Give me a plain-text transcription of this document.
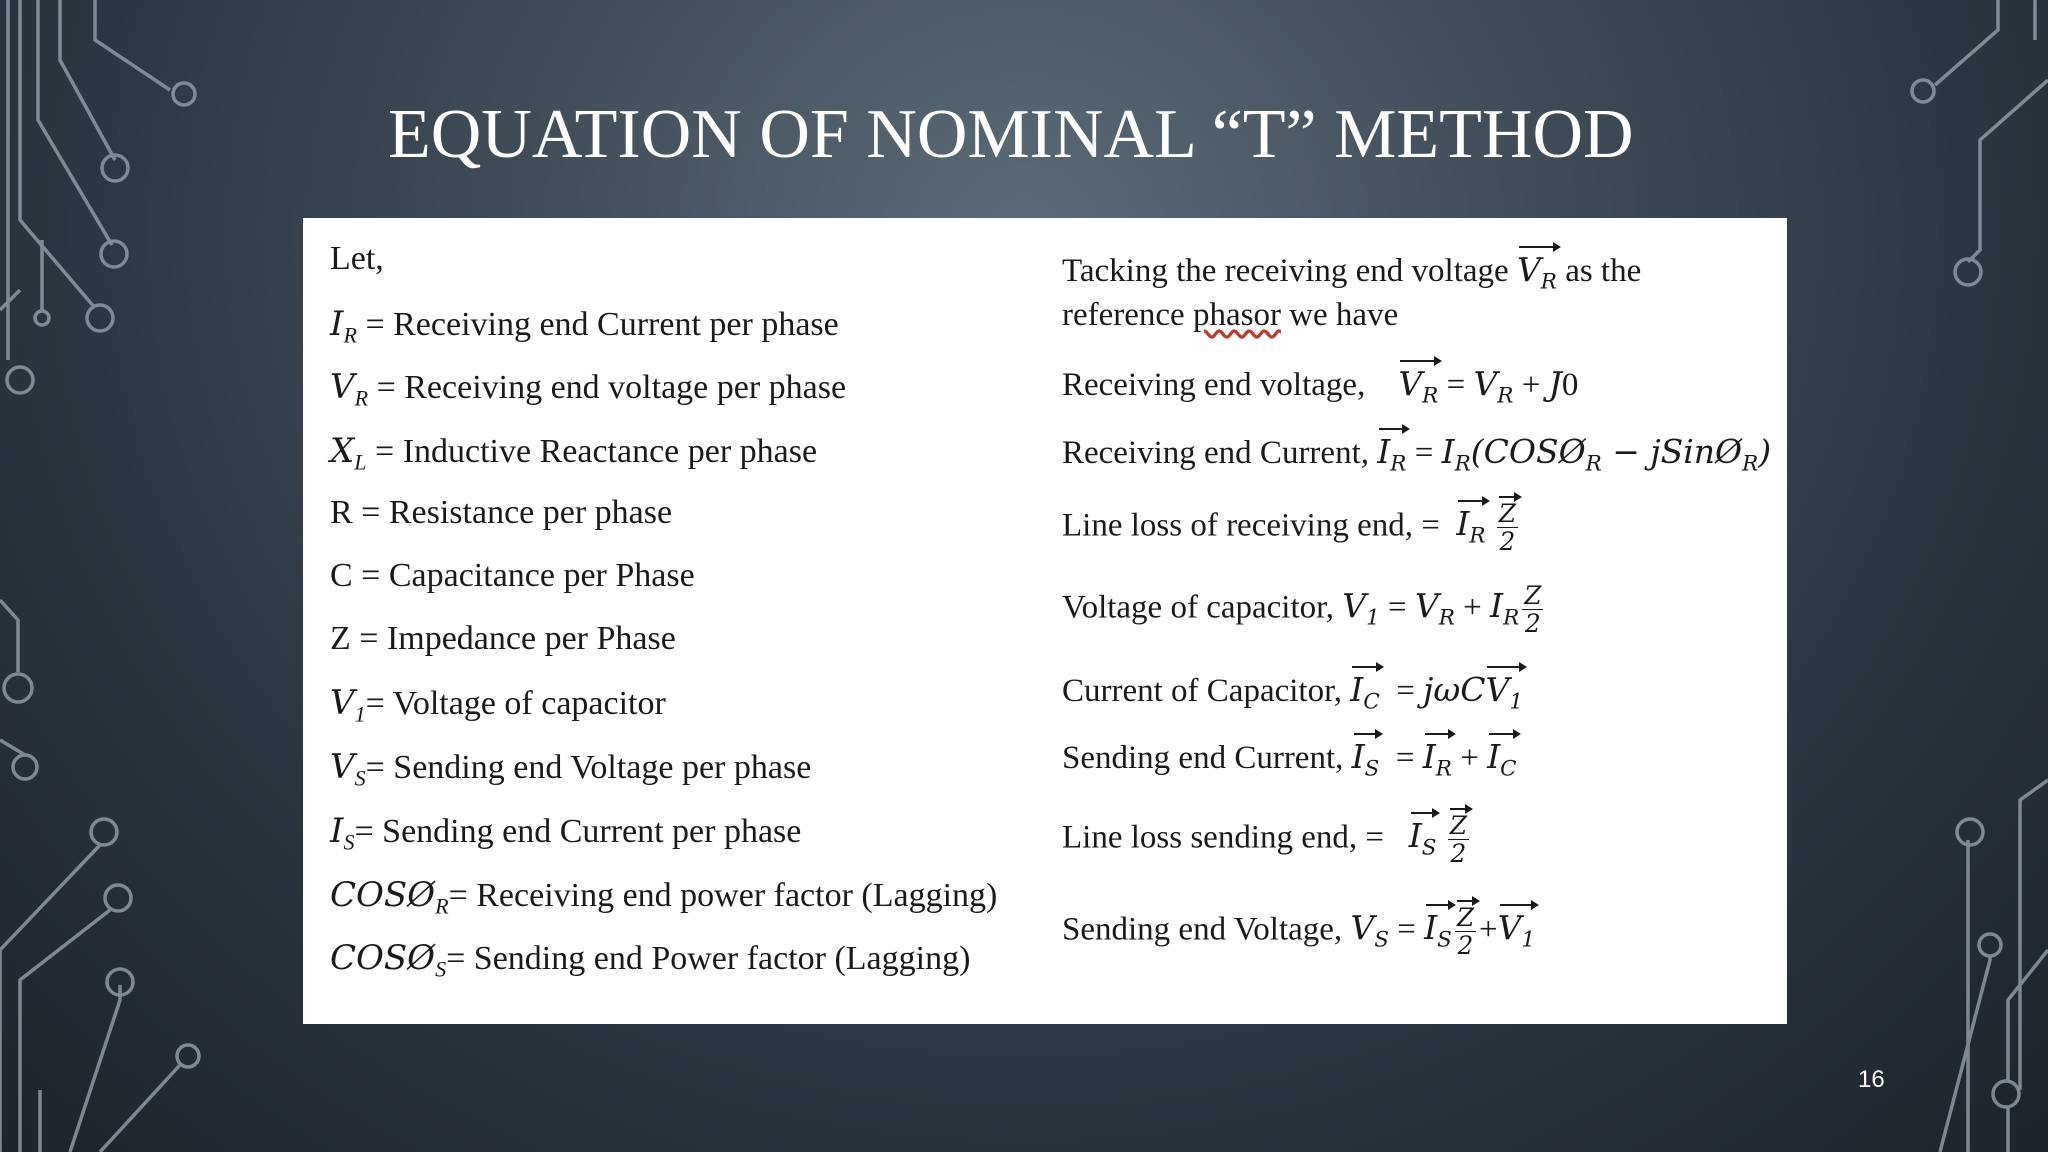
EQUATION OF NOMINAL “T” METHOD
Let,
$I_R$ = Receiving end Current per phase
$V_R$ = Receiving end voltage per phase
$X_L$ = Inductive Reactance per phase
R = Resistance per phase
C = Capacitance per Phase
Z = Impedance per Phase
$V_1=$ Voltage of capacitor
$V_S=$ Sending end Voltage per phase
$I_S=$ Sending end Current per phase
$COSØ_R=$ Receiving end power factor (Lagging)
$COSØ_S=$ Sending end Power factor (Lagging)
Tacking the receiving end voltage $V_R$ as the
reference phasor we have
Receiving end voltage, $V_R = V_R + J0$
Receiving end Current, $I_R$ = $I_R(COSØ_R$ − jSinØ$_R$)
Line loss of receiving end, = $I_R \frac{Z}{2}$
Voltage of capacitor, $V_1 = V_R + I_R \frac{Z}{2}$
Current of Capacitor, $I_C = j\omega CV_1$
Sending end Current, $I_S = I_R + I_C$
Line loss sending end, = $I_S \frac{Z}{2}$
Sending end Voltage, $V_S = I_S \frac{Z}{2} +V_1$
16
